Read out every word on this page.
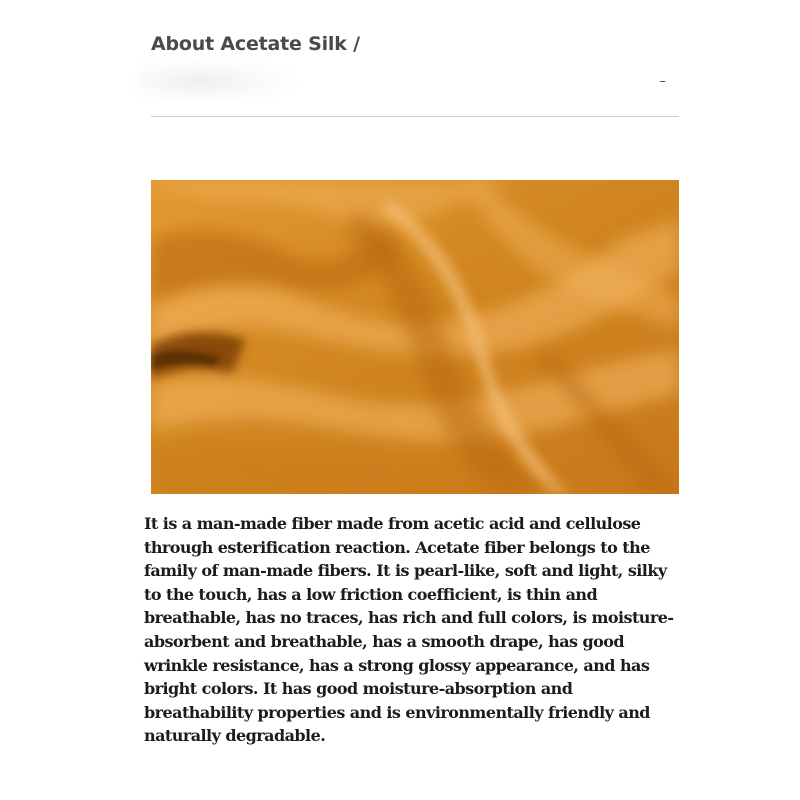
About Acetate Silk /
–

It is a man-made fiber made from acetic acid and cellulose through esterification reaction. Acetate fiber belongs to the family of man-made fibers. It is pearl-like, soft and light, silky to the touch, has a low friction coefficient, is thin and breathable, has no traces, has rich and full colors, is moisture-absorbent and breathable, has a smooth drape, has good wrinkle resistance, has a strong glossy appearance, and has bright colors. It has good moisture-absorption and breathability properties and is environmentally friendly and naturally degradable.
